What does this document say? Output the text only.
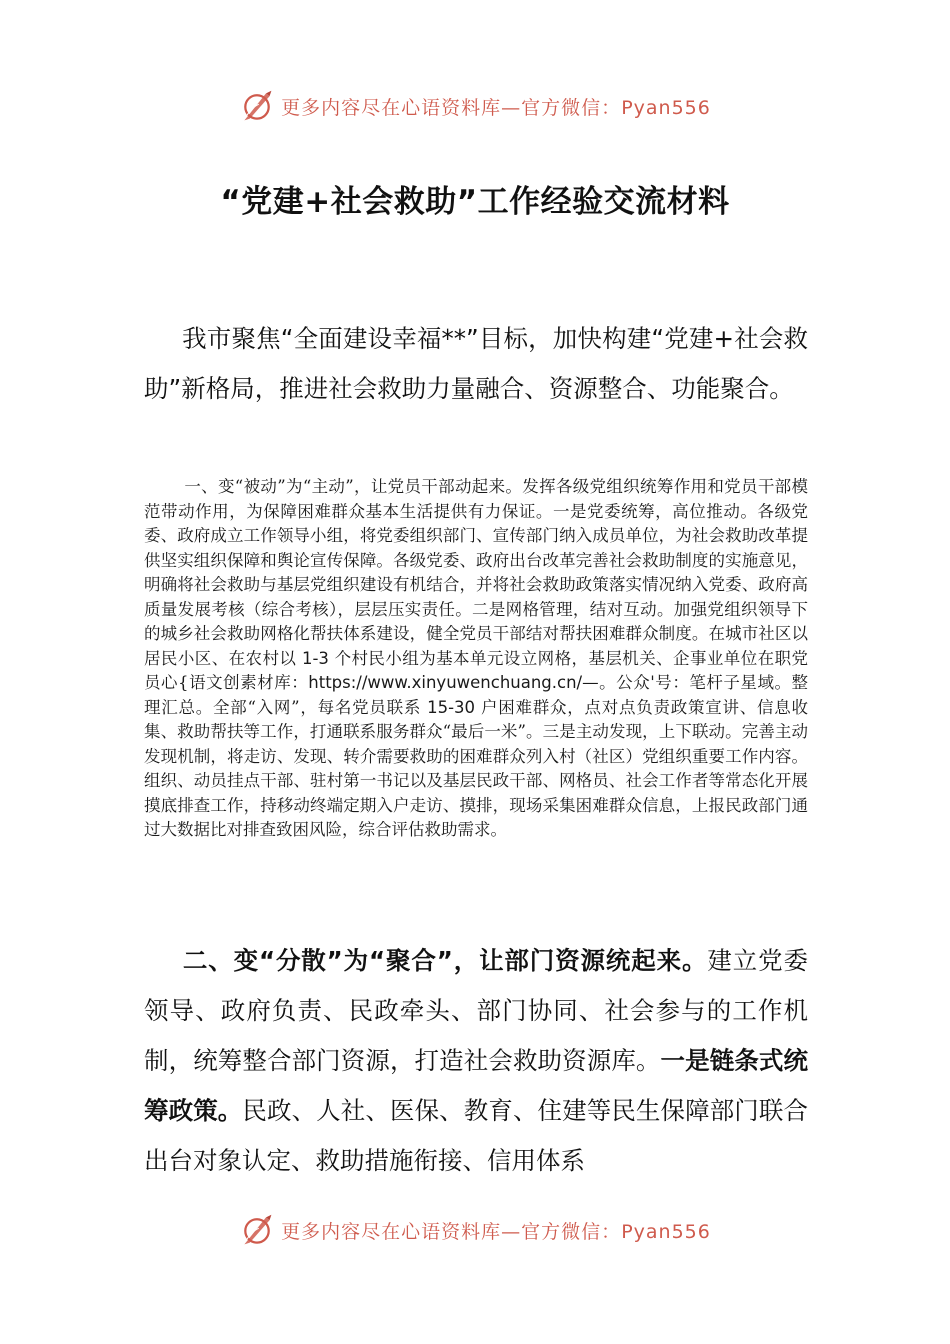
更多内容尽在心语资料库—官方微信：Pyan556
“党建+社会救助”工作经验交流材料

我市聚焦“全面建设幸福**”目标，加快构建“党建+社会救助”新格局，推进社会救助力量融合、资源整合、功能聚合。

一、变“被动”为“主动”，让党员干部动起来。发挥各级党组织统筹作用和党员干部模范带动作用，为保障困难群众基本生活提供有力保证。一是党委统筹，高位推动。各级党委、政府成立工作领导小组，将党委组织部门、宣传部门纳入成员单位，为社会救助改革提供坚实组织保障和舆论宣传保障。各级党委、政府出台改革完善社会救助制度的实施意见，明确将社会救助与基层党组织建设有机结合，并将社会救助政策落实情况纳入党委、政府高质量发展考核（综合考核），层层压实责任。二是网格管理，结对互动。加强党组织领导下的城乡社会救助网格化帮扶体系建设，健全党员干部结对帮扶困难群众制度。在城市社区以居民小区、在农村以 1-3 个村民小组为基本单元设立网格，基层机关、企事业单位在职党员心{语文创素材库：https://www.xinyuwenchuang.cn/—。公众'号：笔杆子星域。整理汇总。全部“入网”，每名党员联系 15-30 户困难群众，点对点负责政策宣讲、信息收集、救助帮扶等工作，打通联系服务群众“最后一米”。三是主动发现，上下联动。完善主动发现机制，将走访、发现、转介需要救助的困难群众列入村（社区）党组织重要工作内容。组织、动员挂点干部、驻村第一书记以及基层民政干部、网格员、社会工作者等常态化开展摸底排查工作，持移动终端定期入户走访、摸排，现场采集困难群众信息，上报民政部门通过大数据比对排查致困风险，综合评估救助需求。

二、变“分散”为“聚合”，让部门资源统起来。建立党委领导、政府负责、民政牵头、部门协同、社会参与的工作机制，统筹整合部门资源，打造社会救助资源库。一是链条式统筹政策。民政、人社、医保、教育、住建等民生保障部门联合出台对象认定、救助措施衔接、信用体系

更多内容尽在心语资料库—官方微信：Pyan556
